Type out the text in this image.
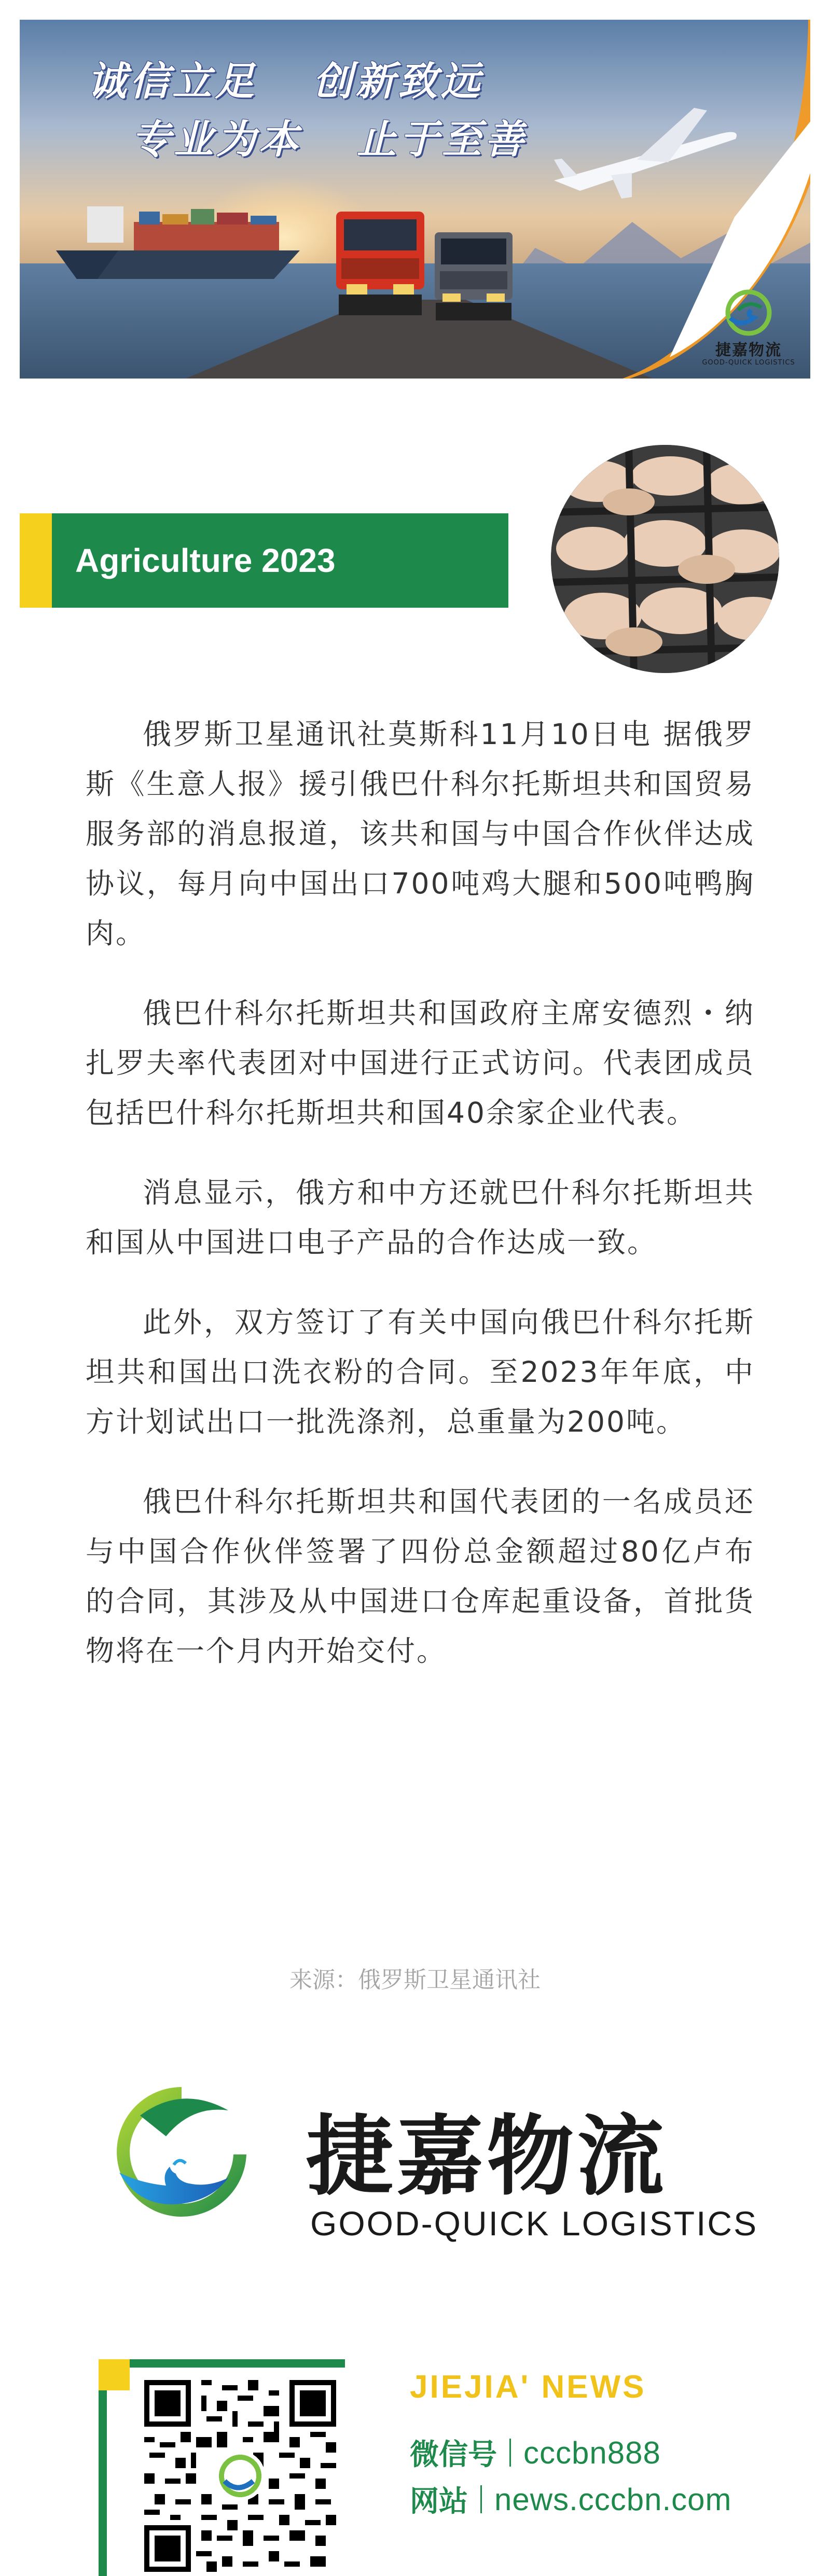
诚信立足 创新致远
专业为本 止于至善
捷嘉物流
GOOD-QUICK LOGISTICS
Agriculture 2023

俄罗斯卫星通讯社莫斯科11月10日电 据俄罗斯《生意人报》援引俄巴什科尔托斯坦共和国贸易服务部的消息报道，该共和国与中国合作伙伴达成协议，每月向中国出口700吨鸡大腿和500吨鸭胸肉。

俄巴什科尔托斯坦共和国政府主席安德烈・纳扎罗夫率代表团对中国进行正式访问。代表团成员包括巴什科尔托斯坦共和国40余家企业代表。

消息显示，俄方和中方还就巴什科尔托斯坦共和国从中国进口电子产品的合作达成一致。

此外，双方签订了有关中国向俄巴什科尔托斯坦共和国出口洗衣粉的合同。至2023年年底，中方计划试出口一批洗涤剂，总重量为200吨。

俄巴什科尔托斯坦共和国代表团的一名成员还与中国合作伙伴签署了四份总金额超过80亿卢布的合同，其涉及从中国进口仓库起重设备，首批货物将在一个月内开始交付。

来源：俄罗斯卫星通讯社
捷嘉物流
GOOD-QUICK LOGISTICS
JIEJIA' NEWS
微信号 cccbn888
网站 news.cccbn.com
